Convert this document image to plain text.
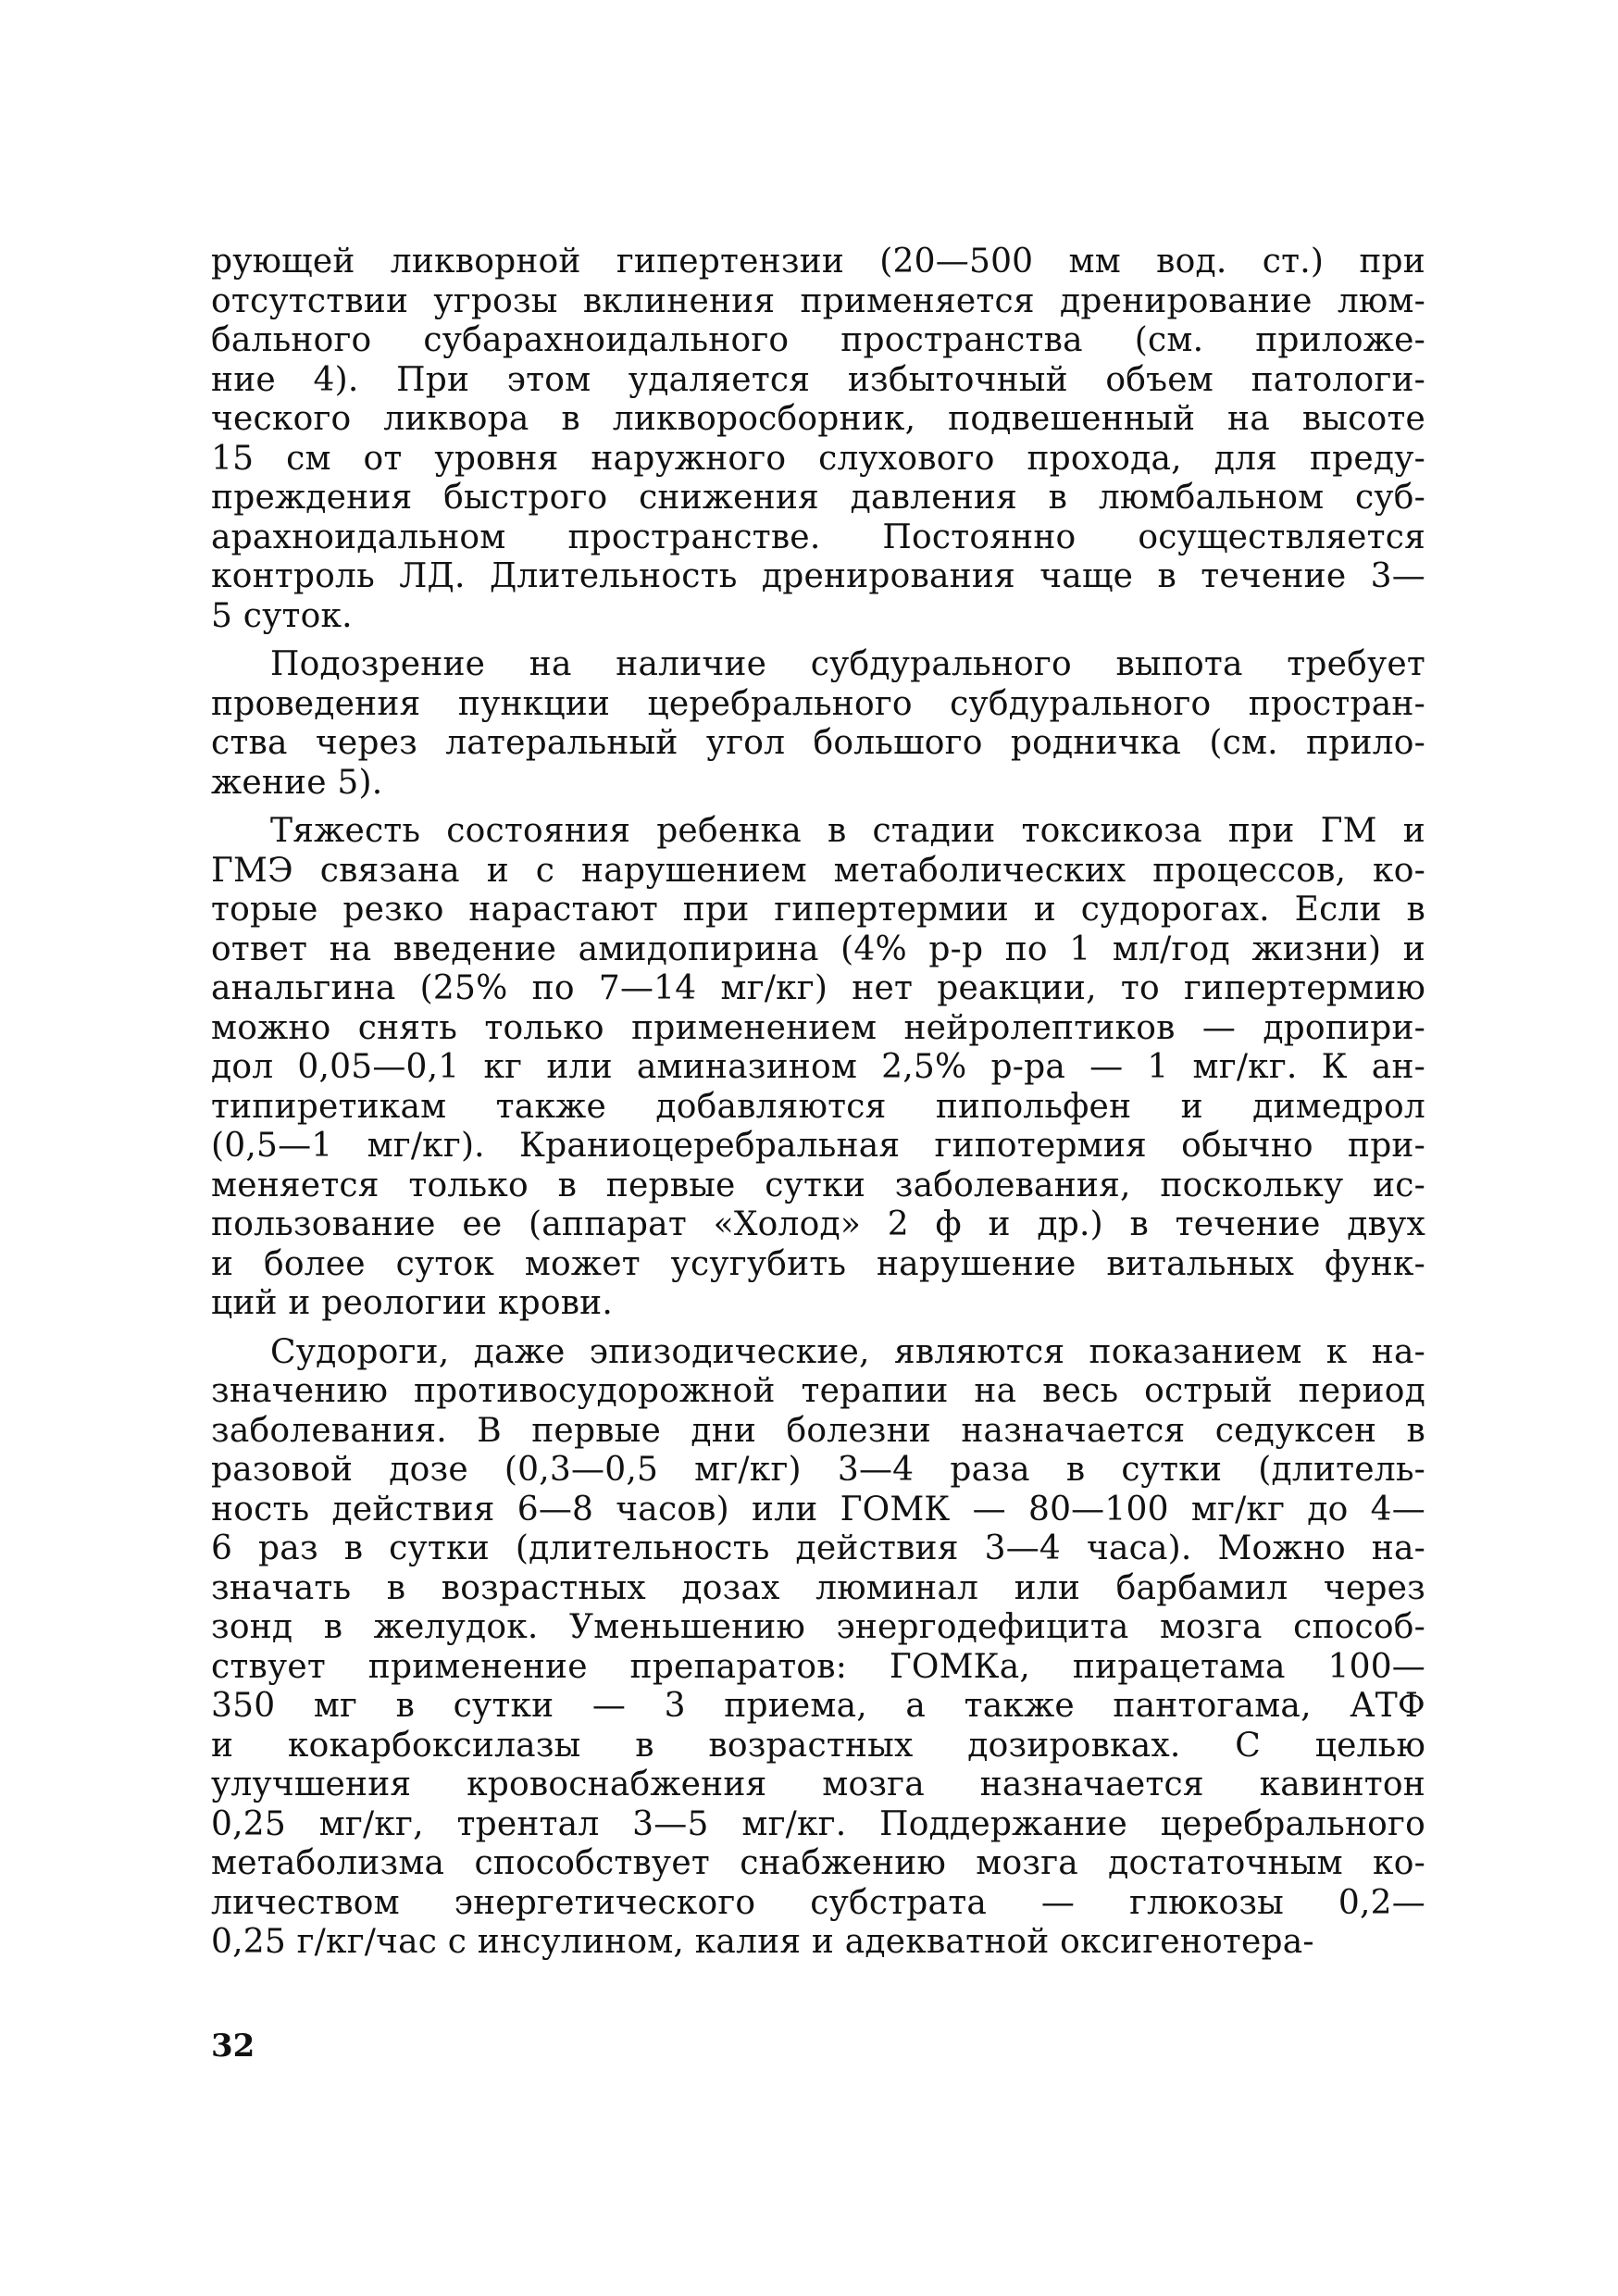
рующей ликворной гипертензии (20—500 мм вод. ст.) при
отсутствии угрозы вклинения применяется дренирование люм-
бального субарахноидального пространства (см. приложе-
ние 4). При этом удаляется избыточный объем патологи-
ческого ликвора в ликворосборник, подвешенный на высоте
15 см от уровня наружного слухового прохода, для преду-
преждения быстрого снижения давления в люмбальном суб-
арахноидальном пространстве. Постоянно осуществляется
контроль ЛД. Длительность дренирования чаще в течение 3—
5 суток.
Подозрение на наличие субдурального выпота требует
проведения пункции церебрального субдурального простран-
ства через латеральный угол большого родничка (см. прило-
жение 5).
Тяжесть состояния ребенка в стадии токсикоза при ГМ и
ГМЭ связана и с нарушением метаболических процессов, ко-
торые резко нарастают при гипертермии и судорогах. Если в
ответ на введение амидопирина (4% р-р по 1 мл/год жизни) и
анальгина (25% по 7—14 мг/кг) нет реакции, то гипертермию
можно снять только применением нейролептиков — дропири-
дол 0,05—0,1 кг или аминазином 2,5% р-ра — 1 мг/кг. К ан-
типиретикам также добавляются пипольфен и димедрол
(0,5—1 мг/кг). Краниоцеребральная гипотермия обычно при-
меняется только в первые сутки заболевания, поскольку ис-
пользование ее (аппарат «Холод» 2 ф и др.) в течение двух
и более суток может усугубить нарушение витальных функ-
ций и реологии крови.
Судороги, даже эпизодические, являются показанием к на-
значению противосудорожной терапии на весь острый период
заболевания. В первые дни болезни назначается седуксен в
разовой дозе (0,3—0,5 мг/кг) 3—4 раза в сутки (длитель-
ность действия 6—8 часов) или ГОМК — 80—100 мг/кг до 4—
6 раз в сутки (длительность действия 3—4 часа). Можно на-
значать в возрастных дозах люминал или барбамил через
зонд в желудок. Уменьшению энергодефицита мозга способ-
ствует применение препаратов: ГОМКа, пирацетама 100—
350 мг в сутки — 3 приема, а также пантогама, АТФ
и кокарбоксилазы в возрастных дозировках. С целью
улучшения кровоснабжения мозга назначается кавинтон
0,25 мг/кг, трентал 3—5 мг/кг. Поддержание церебрального
метаболизма способствует снабжению мозга достаточным ко-
личеством энергетического субстрата — глюкозы 0,2—
0,25 г/кг/час с инсулином, калия и адекватной оксигенотера-
32
